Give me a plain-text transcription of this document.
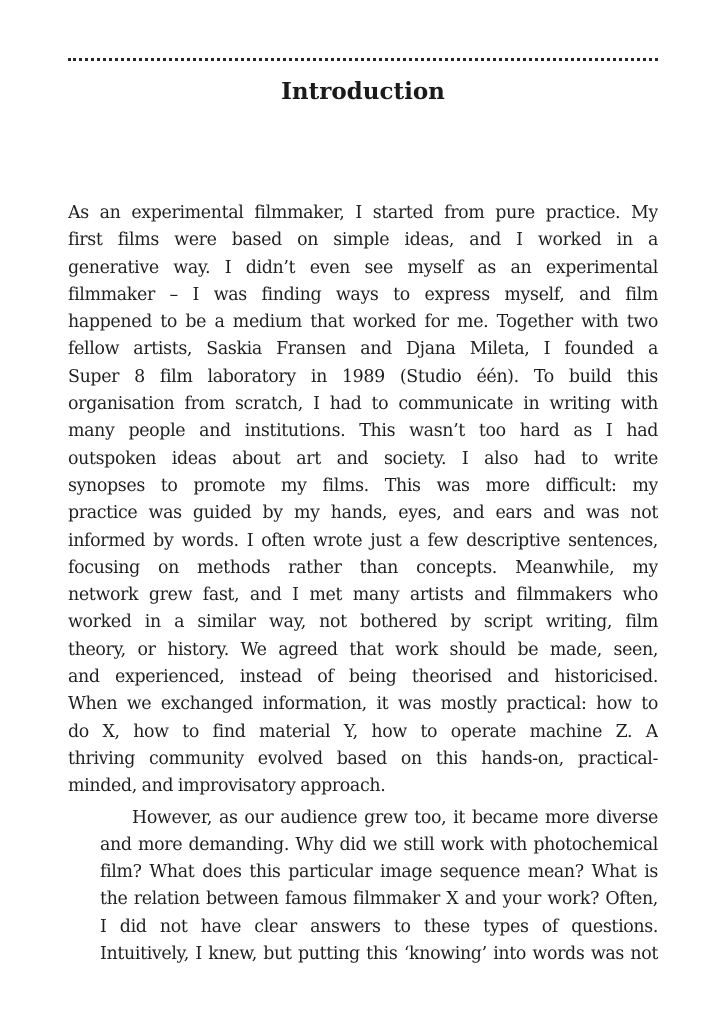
Introduction
As an experimental filmmaker, I started from pure practice. My
first films were based on simple ideas, and I worked in a
generative way. I didn’t even see myself as an experimental
filmmaker – I was finding ways to express myself, and film
happened to be a medium that worked for me. Together with two
fellow artists, Saskia Fransen and Djana Mileta, I founded a
Super 8 film laboratory in 1989 (Studio één). To build this
organisation from scratch, I had to communicate in writing with
many people and institutions. This wasn’t too hard as I had
outspoken ideas about art and society. I also had to write
synopses to promote my films. This was more difficult: my
practice was guided by my hands, eyes, and ears and was not
informed by words. I often wrote just a few descriptive sentences,
focusing on methods rather than concepts. Meanwhile, my
network grew fast, and I met many artists and filmmakers who
worked in a similar way, not bothered by script writing, film
theory, or history. We agreed that work should be made, seen,
and experienced, instead of being theorised and historicised.
When we exchanged information, it was mostly practical: how to
do X, how to find material Y, how to operate machine Z. A
thriving community evolved based on this hands-on, practical-
minded, and improvisatory approach.
However, as our audience grew too, it became more diverse
and more demanding. Why did we still work with photochemical
film? What does this particular image sequence mean? What is
the relation between famous filmmaker X and your work? Often,
I did not have clear answers to these types of questions.
Intuitively, I knew, but putting this ‘knowing’ into words was not
